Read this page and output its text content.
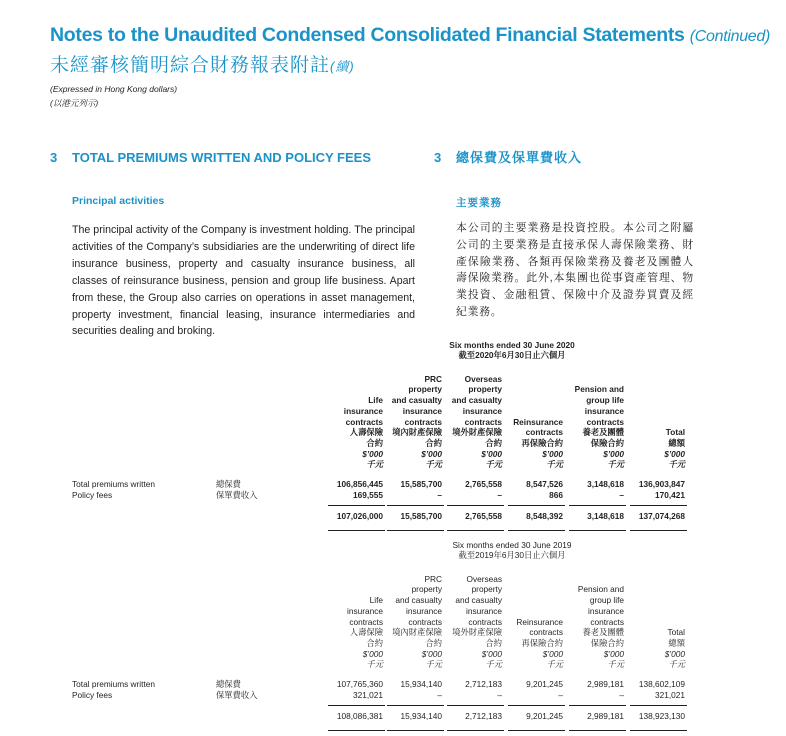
Notes to the Unaudited Condensed Consolidated Financial Statements (Continued)
未經審核簡明綜合財務報表附註(續)
(Expressed in Hong Kong dollars)
(以港元列示)
3 TOTAL PREMIUMS WRITTEN AND POLICY FEES	3 總保費及保單費收入
Principal activities	主要業務
The principal activity of the Company is investment holding. The principal activities of the Company’s subsidiaries are the underwriting of direct life insurance business, property and casualty insurance business, all classes of reinsurance business, pension and group life business. Apart from these, the Group also carries on operations in asset management, property investment, financial leasing, insurance intermediaries and securities dealing and broking.
本公司的主要業務是投資控股。本公司之附屬公司的主要業務是直接承保人壽保險業務、財產保險業務、各類再保險業務及養老及團體人壽保險業務。此外,本集團也從事資產管理、物業投資、金融租賃、保險中介及證券買賣及經紀業務。
Six months ended 30 June 2020
截至2020年6月30日止六個月
Life
insurance
contracts
人壽保險
合約
$’000
千元
PRC
property
and casualty
insurance
contracts
境內財產保險
合約
$’000
千元
Overseas
property
and casualty
insurance
contracts
境外財產保險
合約
$’000
千元
Reinsurance
contracts
再保險合約
$’000
千元
Pension and
group life
insurance
contracts
養老及團體
保險合約
$’000
千元
Total
總額
$’000
千元
Total premiums written	總保費	106,856,445	15,585,700	2,765,558	8,547,526	3,148,618	136,903,847
Policy fees	保單費收入	169,555	–	–	866	–	170,421
107,026,000	15,585,700	2,765,558	8,548,392	3,148,618	137,074,268
Six months ended 30 June 2019
截至2019年6月30日止六個月
Life
insurance
contracts
人壽保險
合約
$’000
千元
PRC
property
and casualty
insurance
contracts
境內財產保險
合約
$’000
千元
Overseas
property
and casualty
insurance
contracts
境外財產保險
合約
$’000
千元
Reinsurance
contracts
再保險合約
$’000
千元
Pension and
group life
insurance
contracts
養老及團體
保險合約
$’000
千元
Total
總額
$’000
千元
Total premiums written	總保費	107,765,360	15,934,140	2,712,183	9,201,245	2,989,181	138,602,109
Policy fees	保單費收入	321,021	–	–	–	–	321,021
108,086,381	15,934,140	2,712,183	9,201,245	2,989,181	138,923,130
